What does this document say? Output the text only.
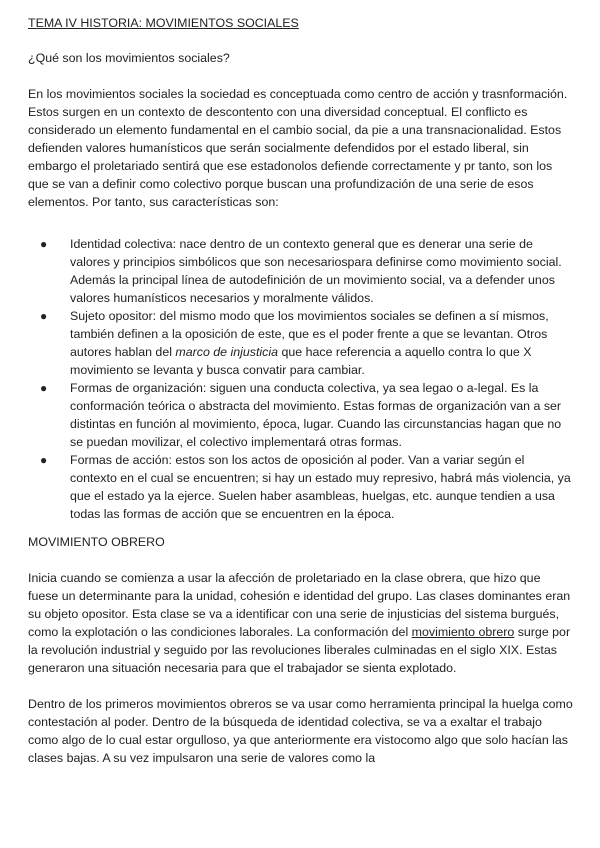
TEMA IV HISTORIA: MOVIMIENTOS SOCIALES
¿Qué son los movimientos sociales?

En los movimientos sociales la sociedad es conceptuada como centro de acción y trasnformación. Estos surgen en un contexto de descontento con una diversidad conceptual. El conflicto es considerado un elemento fundamental en el cambio social, da pie a una transnacionalidad. Estos defienden valores humanísticos que serán socialmente defendidos por el estado liberal, sin embargo el proletariado sentirá que ese estadonolos defiende correctamente y pr tanto, son los que se van a definir como colectivo porque buscan una profundización de una serie de esos elementos. Por tanto, sus características son:

● Identidad colectiva: nace dentro de un contexto general que es denerar una serie de valores y principios simbólicos que son necesariospara definirse como movimiento social. Además la principal línea de autodefinición de un movimiento social, va a defender unos valores humanísticos necesarios y moralmente válidos.
● Sujeto opositor: del mismo modo que los movimientos sociales se definen a sí mismos, también definen a la oposición de este, que es el poder frente a que se levantan. Otros autores hablan del marco de injusticia que hace referencia a aquello contra lo que X movimiento se levanta y busca convatir para cambiar.
● Formas de organización: siguen una conducta colectiva, ya sea legao o a-legal. Es la conformación teórica o abstracta del movimiento. Estas formas de organización van a ser distintas en función al movimiento, época, lugar. Cuando las circunstancias hagan que no se puedan movilizar, el colectivo implementará otras formas.
● Formas de acción: estos son los actos de oposición al poder. Van a variar según el contexto en el cual se encuentren; si hay un estado muy represivo, habrá más violencia, ya que el estado ya la ejerce. Suelen haber asambleas, huelgas, etc. aunque tendien a usa todas las formas de acción que se encuentren en la época.
MOVIMIENTO OBRERO

Inicia cuando se comienza a usar la afección de proletariado en la clase obrera, que hizo que fuese un determinante para la unidad, cohesión e identidad del grupo. Las clases dominantes eran su objeto opositor. Esta clase se va a identificar con una serie de injusticias del sistema burgués, como la explotación o las condiciones laborales. La conformación del movimiento obrero surge por la revolución industrial y seguido por las revoluciones liberales culminadas en el siglo XIX. Estas generaron una situación necesaria para que el trabajador se sienta explotado.

Dentro de los primeros movimientos obreros se va usar como herramienta principal la huelga como contestación al poder. Dentro de la búsqueda de identidad colectiva, se va a exaltar el trabajo como algo de lo cual estar orgulloso, ya que anteriormente era vistocomo algo que solo hacían las clases bajas. A su vez impulsaron una serie de valores como la
